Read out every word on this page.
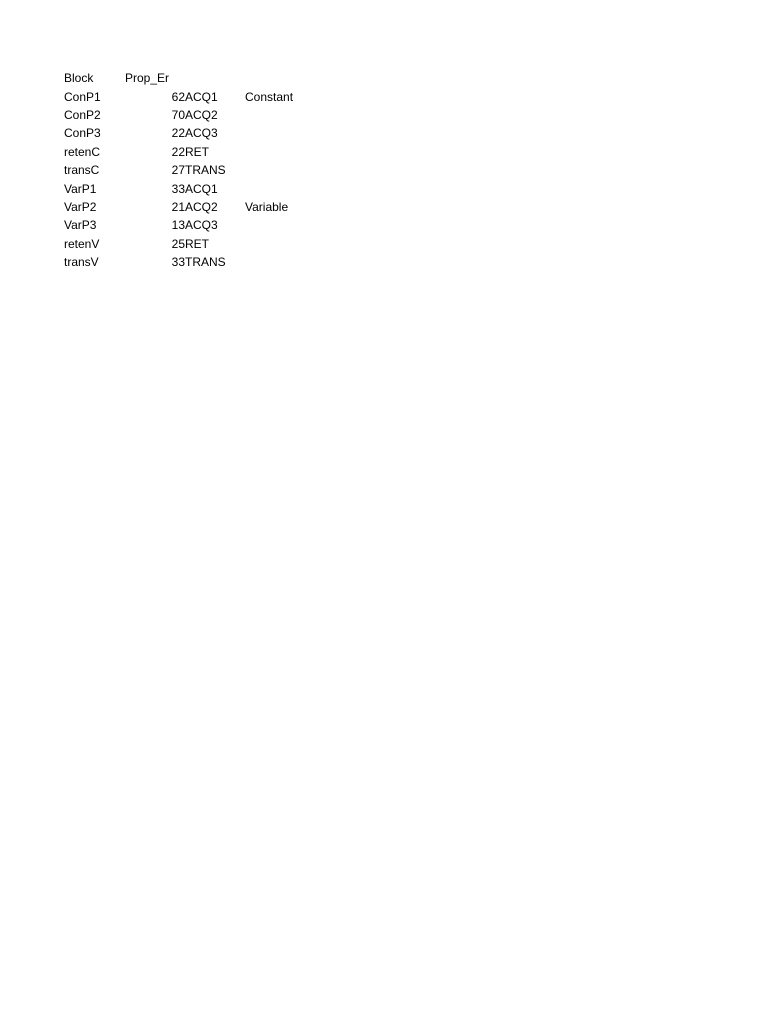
Block	Prop_Er
ConP1	62 ACQ1	Constant
ConP2	70 ACQ2
ConP3	22 ACQ3
retenC	22 RET
transC	27 TRANS
VarP1	33 ACQ1
VarP2	21 ACQ2	Variable
VarP3	13 ACQ3
retenV	25 RET
transV	33 TRANS
